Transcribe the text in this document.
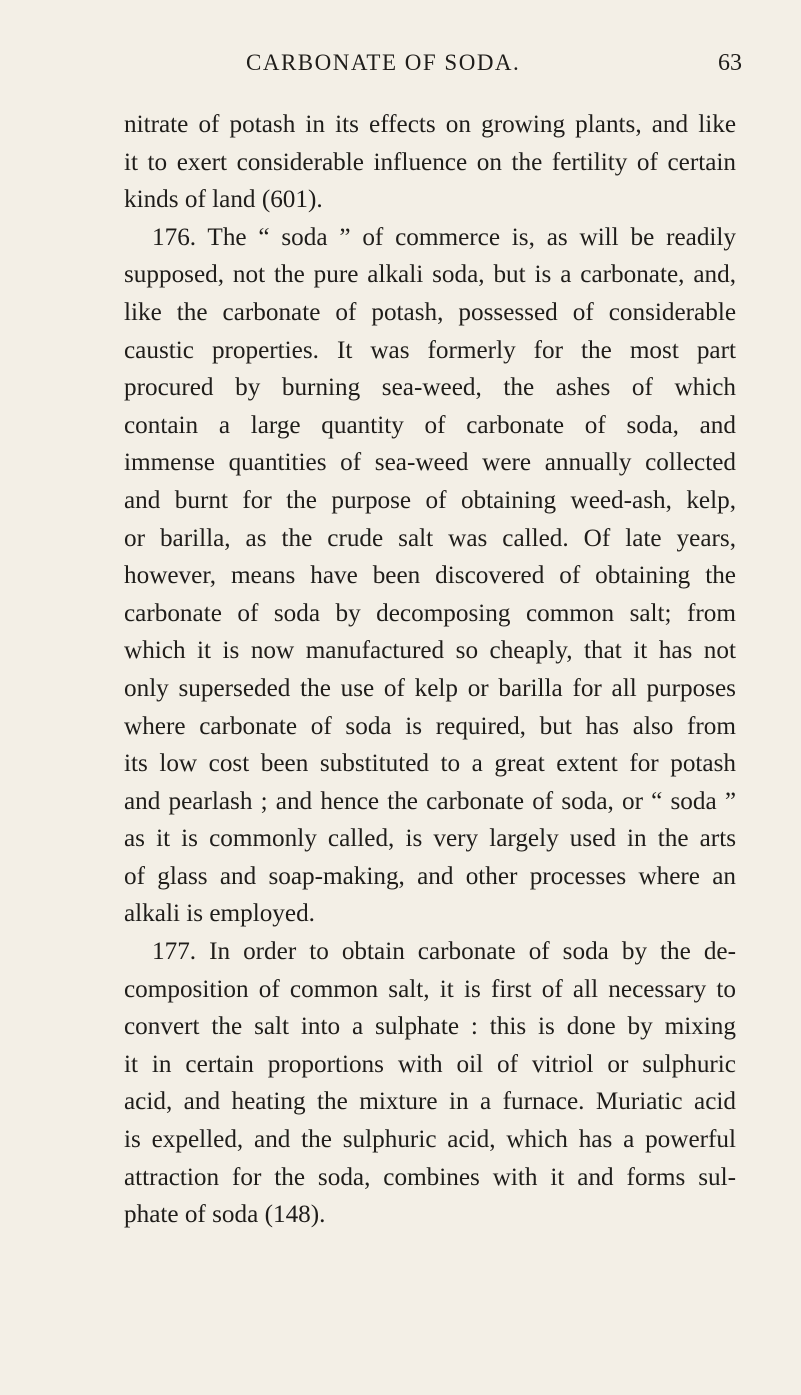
CARBONATE OF SODA.	63
nitrate of potash in its effects on growing plants, and like
it to exert considerable influence on the fertility of certain
kinds of land (601).
176. The “ soda ” of commerce is, as will be readily
supposed, not the pure alkali soda, but is a carbonate, and,
like the carbonate of potash, possessed of considerable
caustic properties. It was formerly for the most part
procured by burning sea-weed, the ashes of which
contain a large quantity of carbonate of soda, and
immense quantities of sea-weed were annually collected
and burnt for the purpose of obtaining weed-ash, kelp,
or barilla, as the crude salt was called. Of late years,
however, means have been discovered of obtaining the
carbonate of soda by decomposing common salt; from
which it is now manufactured so cheaply, that it has not
only superseded the use of kelp or barilla for all purposes
where carbonate of soda is required, but has also from
its low cost been substituted to a great extent for potash
and pearlash ; and hence the carbonate of soda, or “ soda ”
as it is commonly called, is very largely used in the arts
of glass and soap-making, and other processes where an
alkali is employed.
177. In order to obtain carbonate of soda by the de-
composition of common salt, it is first of all necessary to
convert the salt into a sulphate : this is done by mixing
it in certain proportions with oil of vitriol or sulphuric
acid, and heating the mixture in a furnace. Muriatic acid
is expelled, and the sulphuric acid, which has a powerful
attraction for the soda, combines with it and forms sul-
phate of soda (148).
